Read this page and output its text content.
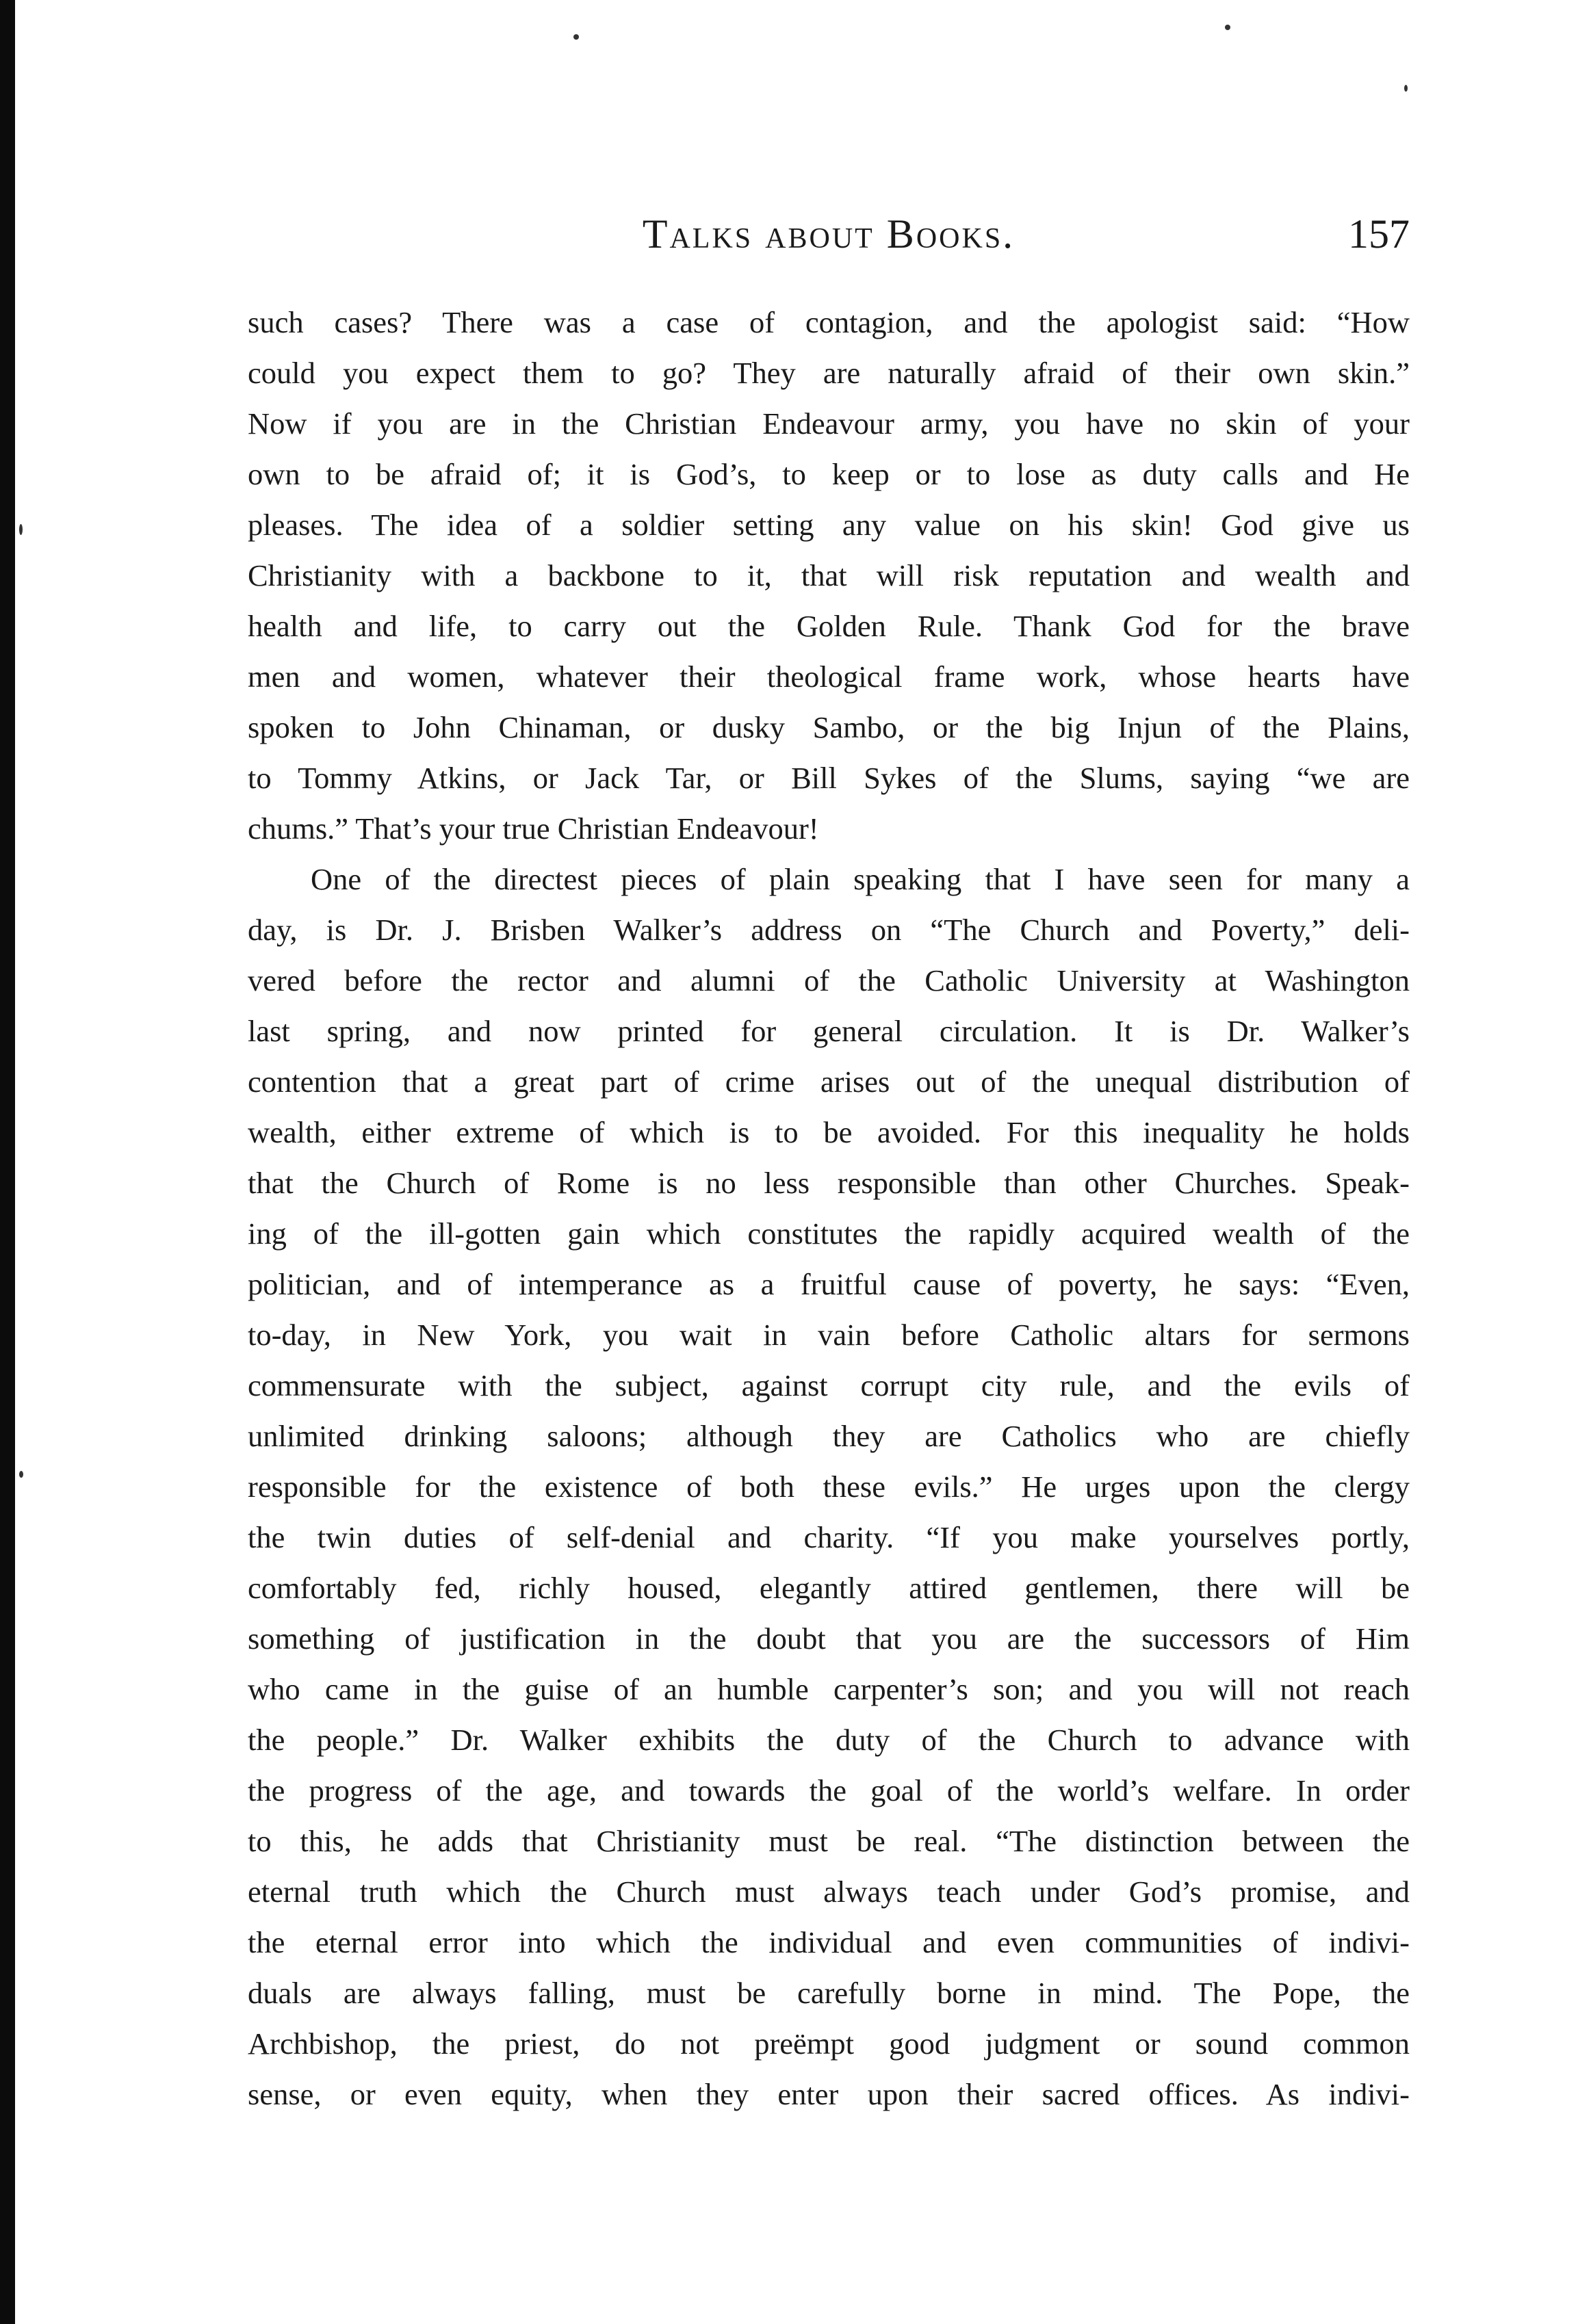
Talks about Books.	157
such cases? There was a case of contagion, and the apologist said: “How
could you expect them to go? They are naturally afraid of their own skin.”
Now if you are in the Christian Endeavour army, you have no skin of your
own to be afraid of; it is God’s, to keep or to lose as duty calls and He
pleases. The idea of a soldier setting any value on his skin! God give us
Christianity with a backbone to it, that will risk reputation and wealth and
health and life, to carry out the Golden Rule. Thank God for the brave
men and women, whatever their theological frame work, whose hearts have
spoken to John Chinaman, or dusky Sambo, or the big Injun of the Plains,
to Tommy Atkins, or Jack Tar, or Bill Sykes of the Slums, saying “we are
chums.” That’s your true Christian Endeavour!
One of the directest pieces of plain speaking that I have seen for many a
day, is Dr. J. Brisben Walker’s address on “The Church and Poverty,” deli-
vered before the rector and alumni of the Catholic University at Washington
last spring, and now printed for general circulation. It is Dr. Walker’s
contention that a great part of crime arises out of the unequal distribution of
wealth, either extreme of which is to be avoided. For this inequality he holds
that the Church of Rome is no less responsible than other Churches. Speak-
ing of the ill-gotten gain which constitutes the rapidly acquired wealth of the
politician, and of intemperance as a fruitful cause of poverty, he says: “Even,
to-day, in New York, you wait in vain before Catholic altars for sermons
commensurate with the subject, against corrupt city rule, and the evils of
unlimited drinking saloons; although they are Catholics who are chiefly
responsible for the existence of both these evils.” He urges upon the clergy
the twin duties of self-denial and charity. “If you make yourselves portly,
comfortably fed, richly housed, elegantly attired gentlemen, there will be
something of justification in the doubt that you are the successors of Him
who came in the guise of an humble carpenter’s son; and you will not reach
the people.” Dr. Walker exhibits the duty of the Church to advance with
the progress of the age, and towards the goal of the world’s welfare. In order
to this, he adds that Christianity must be real. “The distinction between the
eternal truth which the Church must always teach under God’s promise, and
the eternal error into which the individual and even communities of indivi-
duals are always falling, must be carefully borne in mind. The Pope, the
Archbishop, the priest, do not preëmpt good judgment or sound common
sense, or even equity, when they enter upon their sacred offices. As indivi-
